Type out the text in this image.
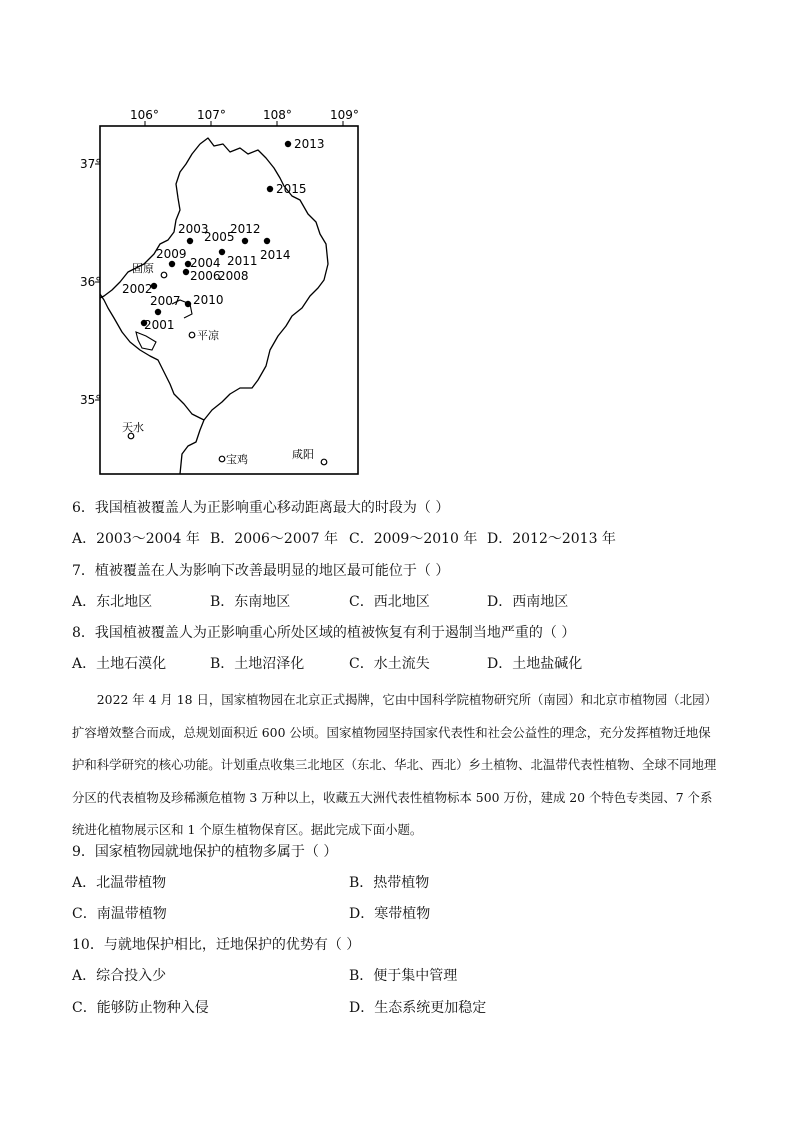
106°	107°	108°	109°
37°
36°
35°
2013
2015
2003 2012
2005
2014
2009
2004 2011
2006
2008
2002
2007 2010
2001
固原
平凉
天水
宝鸡	咸阳
6．我国植被覆盖人为正影响重心移动距离最大的时段为（ ）
A．2003～2004 年 B．2006～2007 年 C．2009～2010 年 D．2012～2013 年
7．植被覆盖在人为影响下改善最明显的地区最可能位于（ ）
A．东北地区	B．东南地区	C．西北地区	D．西南地区
8．我国植被覆盖人为正影响重心所处区域的植被恢复有利于遏制当地严重的（ ）
A．土地石漠化	B．土地沼泽化	C．水土流失	D．土地盐碱化
2022 年 4 月 18 日，国家植物园在北京正式揭牌，它由中国科学院植物研究所（南园）和北京市植物园（北园）扩容增效整合而成，总规划面积近 600 公顷。国家植物园坚持国家代表性和社会公益性的理念，充分发挥植物迁地保护和科学研究的核心功能。计划重点收集三北地区（东北、华北、西北）乡土植物、北温带代表性植物、全球不同地理分区的代表植物及珍稀濒危植物 3 万种以上，收藏五大洲代表性植物标本 500 万份，建成 20 个特色专类园、7 个系统进化植物展示区和 1 个原生植物保育区。据此完成下面小题。
9．国家植物园就地保护的植物多属于（ ）
A．北温带植物	B．热带植物
C．南温带植物	D．寒带植物
10．与就地保护相比，迁地保护的优势有（ ）
A．综合投入少	B．便于集中管理
C．能够防止物种入侵	D．生态系统更加稳定
